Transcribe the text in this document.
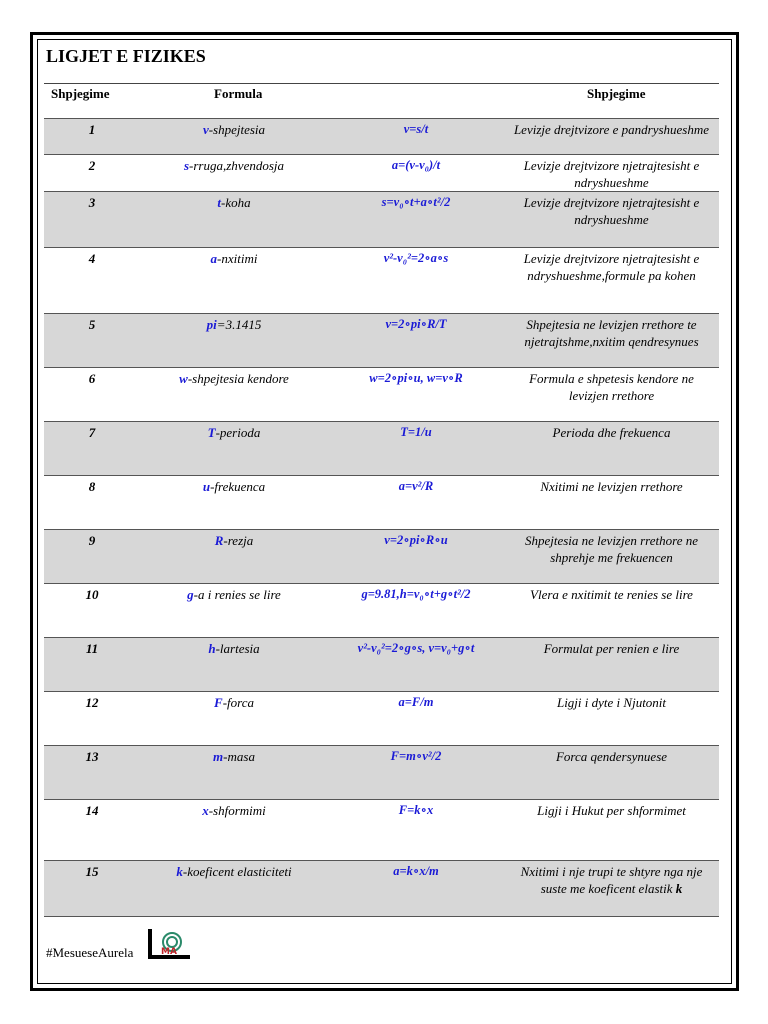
LIGJET E FIZIKES
Shpjegime	Formula	Shpjegime
1	v-shpejtesia	v=s/t	Levizje drejtvizore e pandryshueshme
2	s-rruga,zhvendosja	a=(v-v₀)/t	Levizje drejtvizore njetrajtesisht e ndryshueshme
3	t-koha	s=v₀∘t+a∘t²/2	Levizje drejtvizore njetrajtesisht e ndryshueshme
4	a-nxitimi	v²-v₀²=2∘a∘s	Levizje drejtvizore njetrajtesisht e ndryshueshme,formule pa kohen
5	pi=3.1415	v=2∘pi∘R/T	Shpejtesia ne levizjen rrethore te njetrajtshme,nxitim qendresynues
6	w-shpejtesia kendore	w=2∘pi∘u, w=v∘R	Formula e shpetesis kendore ne levizjen rrethore
7	T-perioda	T=1/u	Perioda dhe frekuenca
8	u-frekuenca	a=v²/R	Nxitimi ne levizjen rrethore
9	R-rezja	v=2∘pi∘R∘u	Shpejtesia ne levizjen rrethore ne shprehje me frekuencen
10	g-a i renies se lire	g=9.81,h=v₀∘t+g∘t²/2	Vlera e nxitimit te renies se lire
11	h-lartesia	v²-v₀²=2∘g∘s, v=v₀+g∘t	Formulat per renien e lire
12	F-forca	a=F/m	Ligji i dyte i Njutonit
13	m-masa	F=m∘v²/2	Forca qendersynuese
14	x-shformimi	F=k∘x	Ligji i Hukut per shformimet
15	k-koeficent elasticiteti	a=k∘x/m	Nxitimi i nje trupi te shtyre nga nje suste me koeficent elastik k
#MesueseAurela	MA
